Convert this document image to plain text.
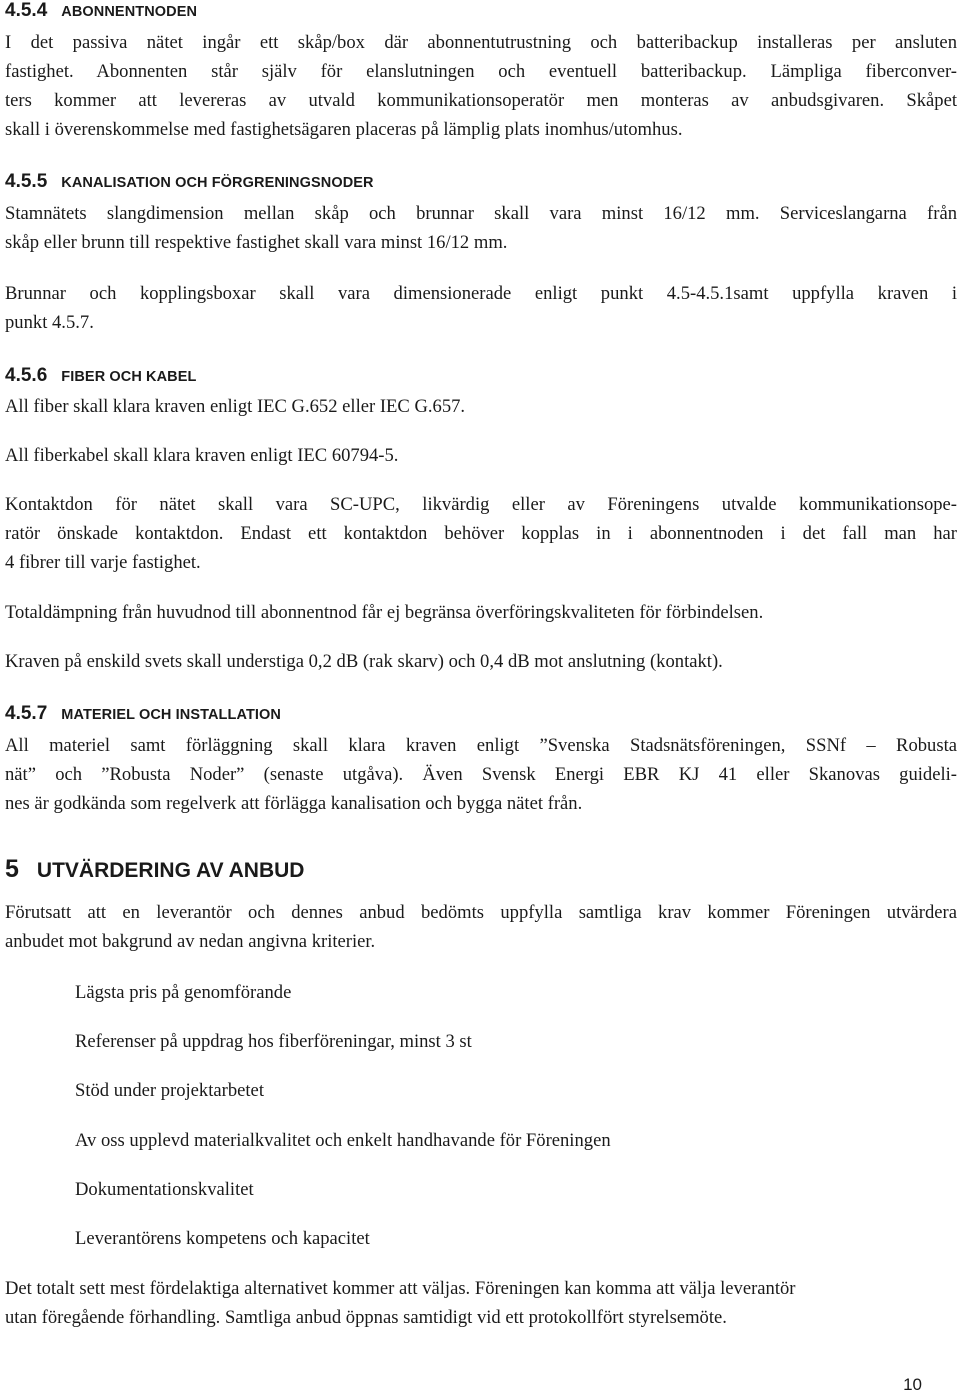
4.5.4 ABONNENTNODEN
I det passiva nätet ingår ett skåp/box där abonnentutrustning och batteribackup installeras per ansluten
fastighet. Abonnenten står själv för elanslutningen och eventuell batteribackup. Lämpliga fiberconver-
ters kommer att levereras av utvald kommunikationsoperatör men monteras av anbudsgivaren. Skåpet
skall i överenskommelse med fastighetsägaren placeras på lämplig plats inomhus/utomhus.
4.5.5 KANALISATION OCH FÖRGRENINGSNODER
Stamnätets slangdimension mellan skåp och brunnar skall vara minst 16/12 mm. Serviceslangarna från
skåp eller brunn till respektive fastighet skall vara minst 16/12 mm.
Brunnar och kopplingsboxar skall vara dimensionerade enligt punkt 4.5-4.5.1samt uppfylla kraven i
punkt 4.5.7.
4.5.6 FIBER OCH KABEL
All fiber skall klara kraven enligt IEC G.652 eller IEC G.657.
All fiberkabel skall klara kraven enligt IEC 60794-5.
Kontaktdon för nätet skall vara SC-UPC, likvärdig eller av Föreningens utvalde kommunikationsope-
ratör önskade kontaktdon. Endast ett kontaktdon behöver kopplas in i abonnentnoden i det fall man har
4 fibrer till varje fastighet.
Totaldämpning från huvudnod till abonnentnod får ej begränsa överföringskvaliteten för förbindelsen.
Kraven på enskild svets skall understiga 0,2 dB (rak skarv) och 0,4 dB mot anslutning (kontakt).
4.5.7 MATERIEL OCH INSTALLATION
All materiel samt förläggning skall klara kraven enligt ”Svenska Stadsnätsföreningen, SSNf – Robusta
nät” och ”Robusta Noder” (senaste utgåva). Även Svensk Energi EBR KJ 41 eller Skanovas guideli-
nes är godkända som regelverk att förlägga kanalisation och bygga nätet från.
5 UTVÄRDERING AV ANBUD
Förutsatt att en leverantör och dennes anbud bedömts uppfylla samtliga krav kommer Föreningen utvärdera
anbudet mot bakgrund av nedan angivna kriterier.
Lägsta pris på genomförande
Referenser på uppdrag hos fiberföreningar, minst 3 st
Stöd under projektarbetet
Av oss upplevd materialkvalitet och enkelt handhavande för Föreningen
Dokumentationskvalitet
Leverantörens kompetens och kapacitet
Det totalt sett mest fördelaktiga alternativet kommer att väljas. Föreningen kan komma att välja leverantör
utan föregående förhandling. Samtliga anbud öppnas samtidigt vid ett protokollfört styrelsemöte.
10
